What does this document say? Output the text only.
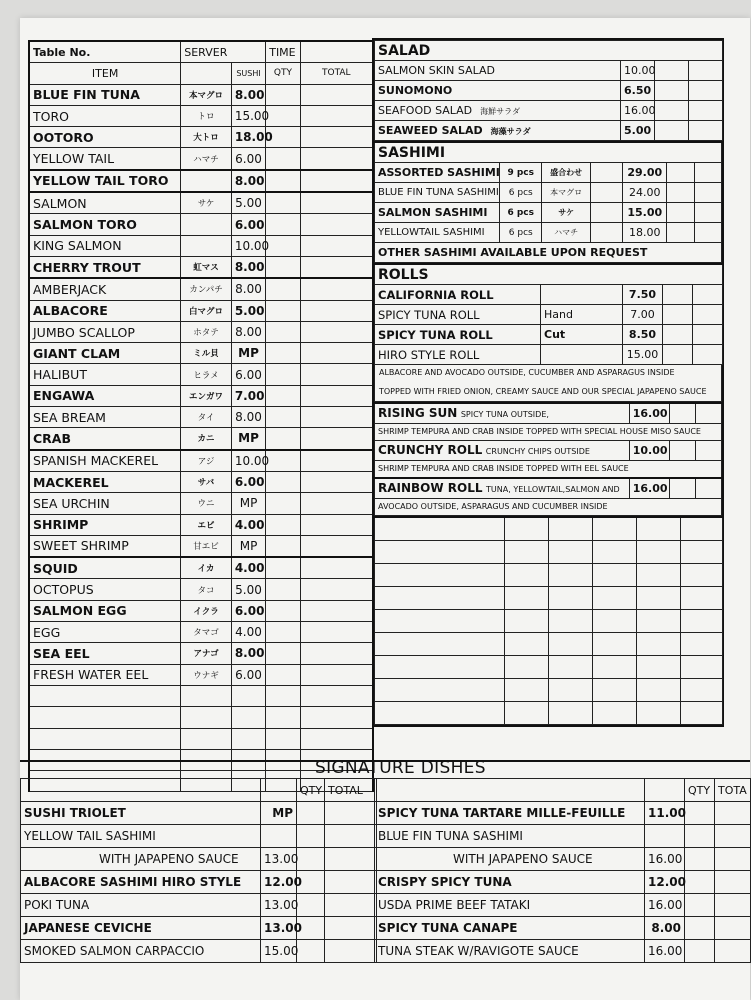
Table No.	SERVER		TIME	
ITEM		SUSHI	QTY	TOTAL
BLUE FIN TUNA	本マグロ	8.00		
TORO	トロ	15.00		
OOTORO	大トロ	18.00		
YELLOW TAIL	ハマチ	6.00		
YELLOW TAIL TORO		8.00		
SALMON	サケ	5.00		
SALMON TORO		6.00		
KING SALMON		10.00		
CHERRY TROUT	虹マス	8.00		
AMBERJACK	カンパチ	8.00		
ALBACORE	白マグロ	5.00		
JUMBO SCALLOP	ホタテ	8.00		
GIANT CLAM	ミル貝	MP		
HALIBUT	ヒラメ	6.00		
ENGAWA	エンガワ	7.00		
SEA BREAM	タイ	8.00		
CRAB	カニ	MP		
SPANISH MACKEREL	アジ	10.00		
MACKEREL	サバ	6.00		
SEA URCHIN	ウニ	MP		
SHRIMP	エビ	4.00		
SWEET SHRIMP	甘エビ	MP		
SQUID	イカ	4.00		
OCTOPUS	タコ	5.00		
SALMON EGG	イクラ	6.00		
EGG	タマゴ	4.00		
SEA EEL	アナゴ	8.00		
FRESH WATER EEL	ウナギ	6.00		

SALAD			
SALMON SKIN SALAD	10.00		
SUNOMONO	6.50		
SEAFOOD SALAD 海鮮サラダ	16.00		
SEAWEED SALAD 海藻サラダ	5.00		
SASHIMI						
ASSORTED SASHIMI	9 pcs	盛合わせ		29.00		
BLUE FIN TUNA SASHIMI	6 pcs	本マグロ		24.00		
SALMON SASHIMI	6 pcs	サケ		15.00		
YELLOWTAIL SASHIMI	6 pcs	ハマチ		18.00		
OTHER SASHIMI AVAILABLE UPON REQUEST						
ROLLS				
CALIFORNIA ROLL		7.50		
SPICY TUNA ROLL	Hand	7.00		
SPICY TUNA ROLL	Cut	8.50		
HIRO STYLE ROLL		15.00		
ALBACORE AND AVOCADO OUTSIDE, CUCUMBER AND ASPARAGUS INSIDE
TOPPED WITH FRIED ONION, CREAMY SAUCE AND OUR SPECIAL JAPAPENO SAUCE
RISING SUN SPICY TUNA OUTSIDE,	16.00		
SHRIMP TEMPURA AND CRAB INSIDE TOPPED WITH SPECIAL HOUSE MISO SAUCE			
CRUNCHY ROLL CRUNCHY CHIPS OUTSIDE	10.00		
SHRIMP TEMPURA AND CRAB INSIDE TOPPED WITH EEL SAUCE			
RAINBOW ROLL TUNA, YELLOWTAIL,SALMON AND	16.00		
AVOCADO OUTSIDE, ASPARAGUS AND CUCUMBER INSIDE			

SIGNATURE DISHES
		QTY	TOTAL
SUSHI TRIOLET	MP		
YELLOW TAIL SASHIMI			
WITH JAPAPENO SAUCE	13.00		
ALBACORE SASHIMI HIRO STYLE	12.00		
POKI TUNA	13.00		
JAPANESE CEVICHE	13.00		
SMOKED SALMON CARPACCIO	15.00		
		QTY	TOTA
SPICY TUNA TARTARE MILLE-FEUILLE	11.00		
BLUE FIN TUNA SASHIMI			
WITH JAPAPENO SAUCE	16.00		
CRISPY SPICY TUNA	12.00		
USDA PRIME BEEF TATAKI	16.00		
SPICY TUNA CANAPE	8.00		
TUNA STEAK W/RAVIGOTE SAUCE	16.00		
